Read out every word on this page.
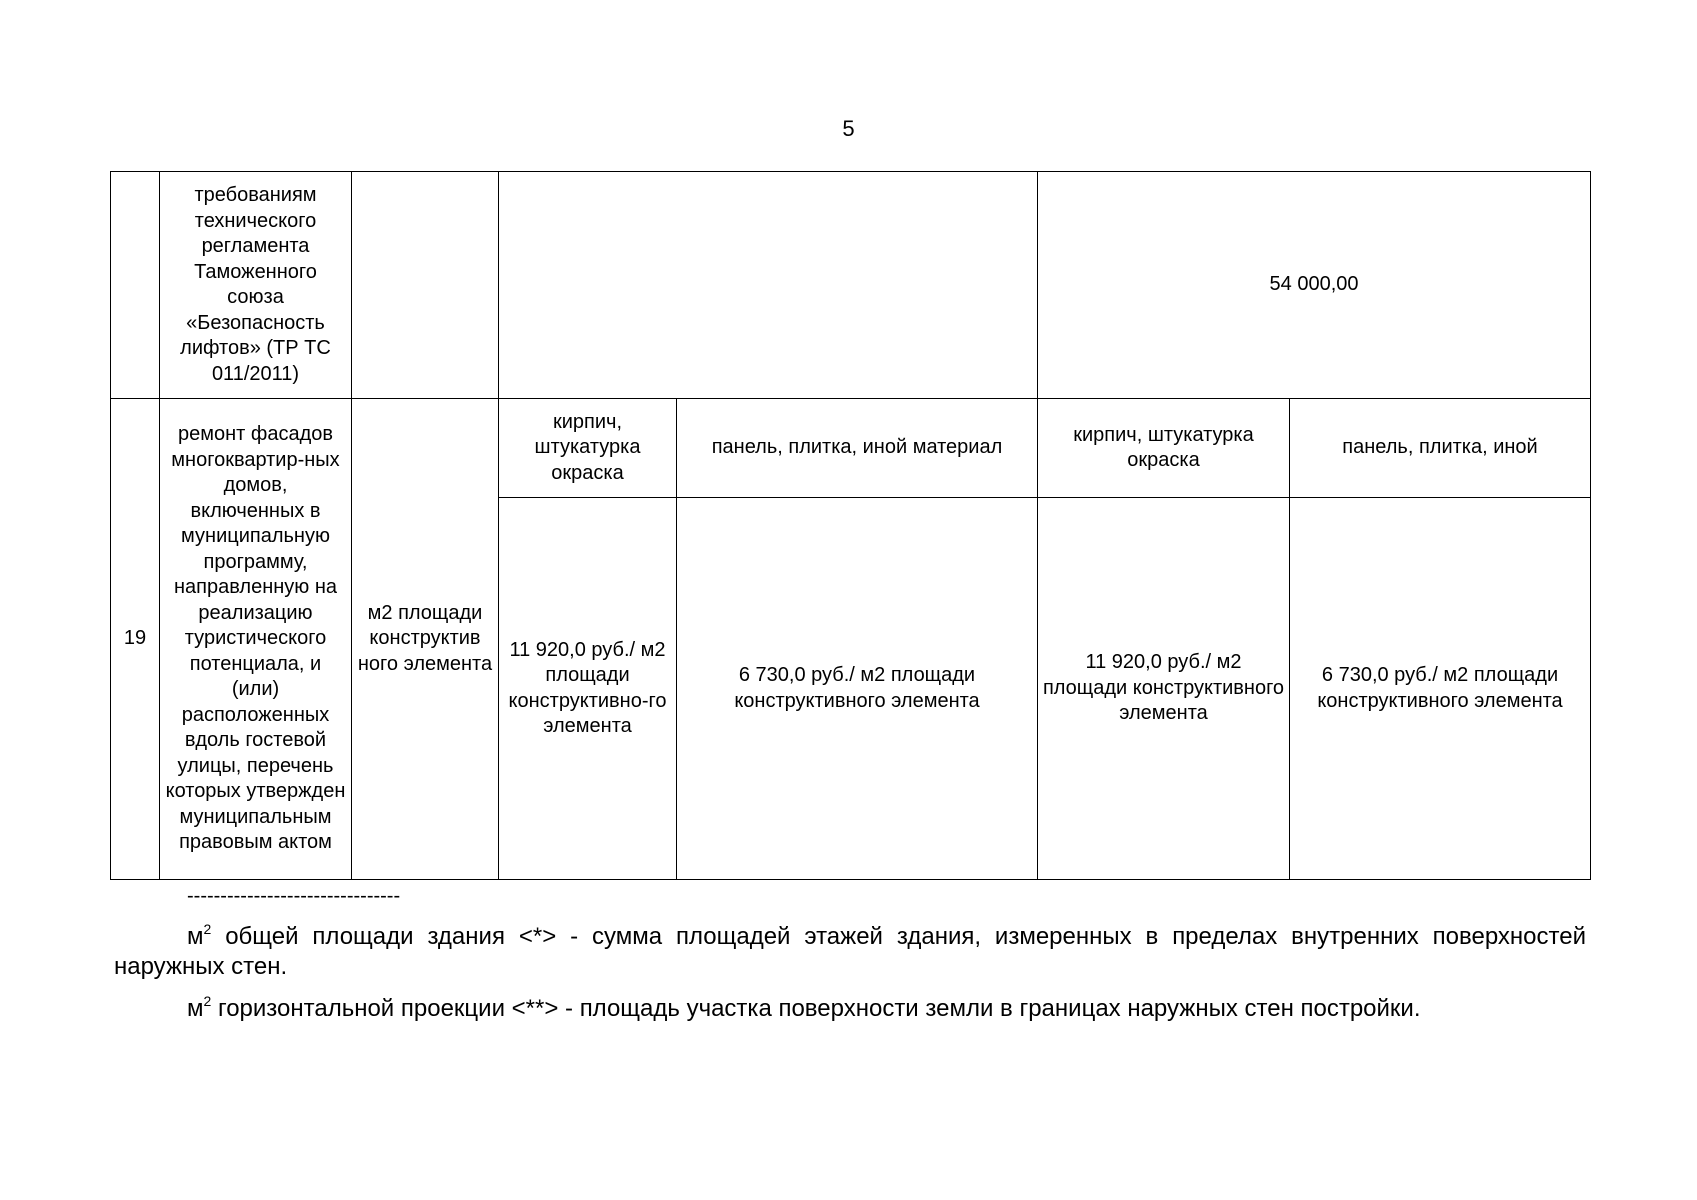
5
	требованиям технического регламента Таможенного союза «Безопасность лифтов» (ТР ТС 011/2011)				54 000,00	
19	ремонт фасадов многоквартир-ных домов, включенных в муниципальную программу, направленную на реализацию туристического потенциала, и (или) расположенных вдоль гостевой улицы, перечень которых утвержден муниципальным правовым актом	м2 площади конструктив ного элемента	кирпич, штукатурка окраска	панель, плитка, иной материал	кирпич, штукатурка окраска	панель, плитка, иной
			11 920,0 руб./ м2 площади конструктивно-го элемента	6 730,0 руб./ м2 площади конструктивного элемента	11 920,0 руб./ м2 площади конструктивного элемента	6 730,0 руб./ м2 площади конструктивного элемента
--------------------------------
$м^2$ общей площади здания <*> - сумма площадей этажей здания, измеренных в пределах внутренних поверхностей наружных стен.
$м^2$ горизонтальной проекции <**> - площадь участка поверхности земли в границах наружных стен постройки.
